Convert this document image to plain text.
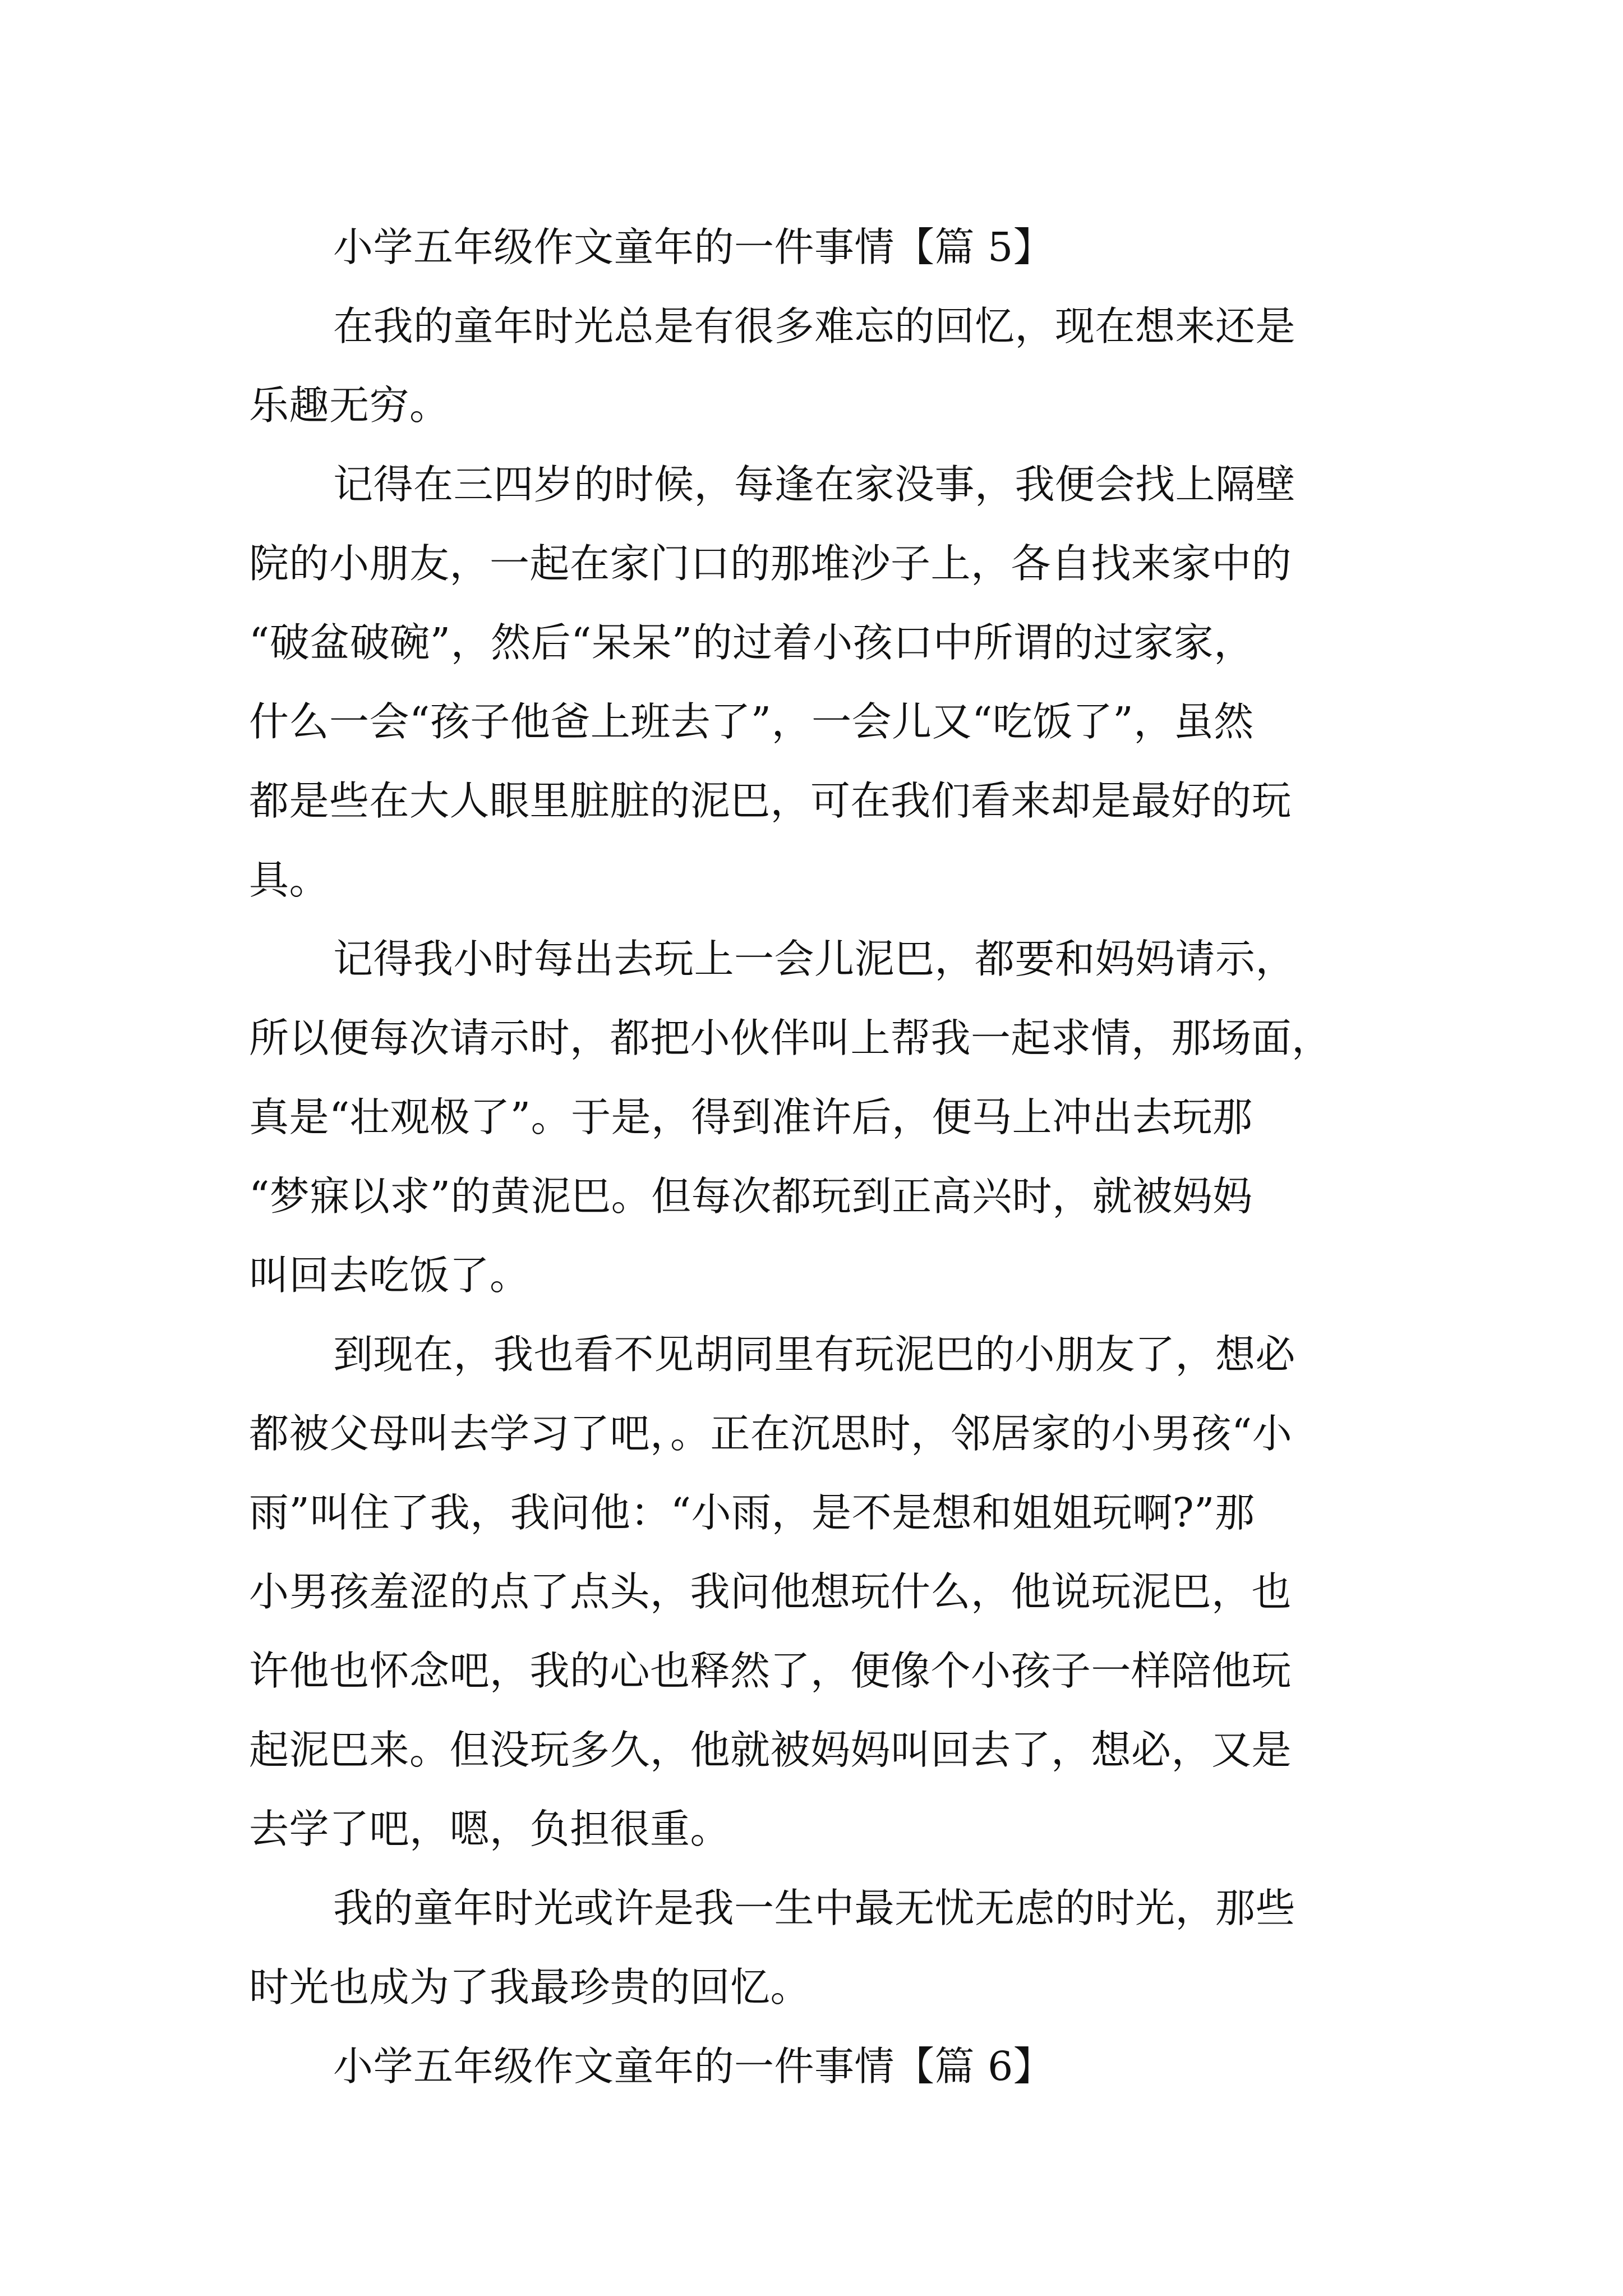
小学五年级作文童年的一件事情【篇 5】
在我的童年时光总是有很多难忘的回忆，现在想来还是
乐趣无穷。
记得在三四岁的时候，每逢在家没事，我便会找上隔壁
院的小朋友，一起在家门口的那堆沙子上，各自找来家中的
“破盆破碗”，然后“呆呆”的过着小孩口中所谓的过家家，
什么一会“孩子他爸上班去了”，一会儿又“吃饭了”，虽然
都是些在大人眼里脏脏的泥巴，可在我们看来却是最好的玩
具。
记得我小时每出去玩上一会儿泥巴，都要和妈妈请示，
所以便每次请示时，都把小伙伴叫上帮我一起求情，那场面，
真是“壮观极了”。于是，得到准许后，便马上冲出去玩那
“梦寐以求”的黄泥巴。但每次都玩到正高兴时，就被妈妈
叫回去吃饭了。
到现在，我也看不见胡同里有玩泥巴的小朋友了，想必
都被父母叫去学习了吧，。正在沉思时，邻居家的小男孩“小
雨”叫住了我，我问他：“小雨，是不是想和姐姐玩啊?”那
小男孩羞涩的点了点头，我问他想玩什么，他说玩泥巴，也
许他也怀念吧，我的心也释然了，便像个小孩子一样陪他玩
起泥巴来。但没玩多久，他就被妈妈叫回去了，想必，又是
去学了吧，嗯，负担很重。
我的童年时光或许是我一生中最无忧无虑的时光，那些
时光也成为了我最珍贵的回忆。
小学五年级作文童年的一件事情【篇 6】
